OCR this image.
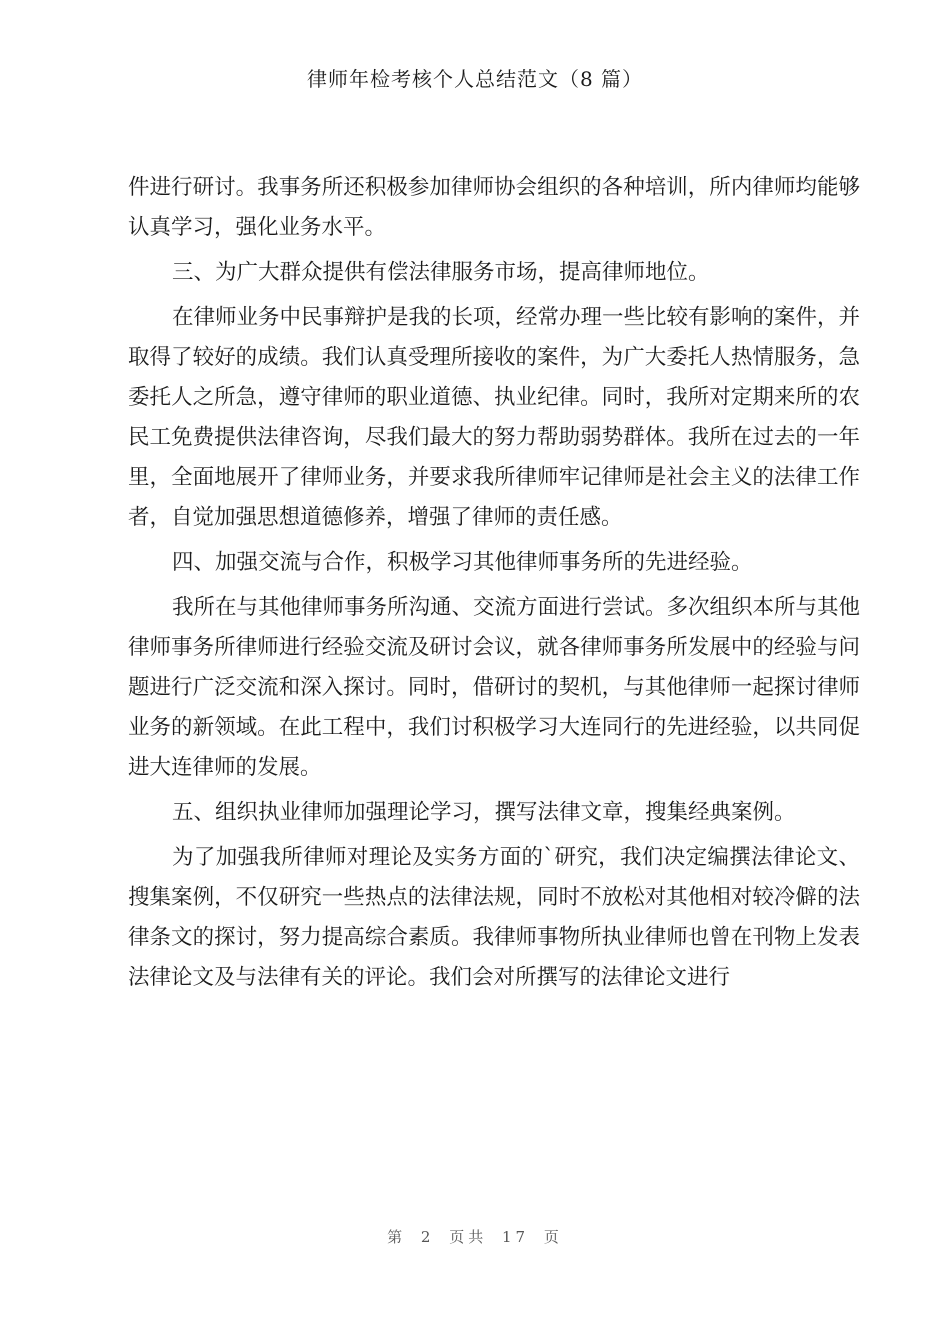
律师年检考核个人总结范文（8 篇）

件进行研讨。我事务所还积极参加律师协会组织的各种培训，所内律师均能够认真学习，强化业务水平。

三、为广大群众提供有偿法律服务市场，提高律师地位。

在律师业务中民事辩护是我的长项，经常办理一些比较有影响的案件，并取得了较好的成绩。我们认真受理所接收的案件，为广大委托人热情服务，急委托人之所急，遵守律师的职业道德、执业纪律。同时，我所对定期来所的农民工免费提供法律咨询，尽我们最大的努力帮助弱势群体。我所在过去的一年里，全面地展开了律师业务，并要求我所律师牢记律师是社会主义的法律工作者，自觉加强思想道德修养，增强了律师的责任感。

四、加强交流与合作，积极学习其他律师事务所的先进经验。

我所在与其他律师事务所沟通、交流方面进行尝试。多次组织本所与其他律师事务所律师进行经验交流及研讨会议，就各律师事务所发展中的经验与问题进行广泛交流和深入探讨。同时，借研讨的契机，与其他律师一起探讨律师业务的新领域。在此工程中，我们讨积极学习大连同行的先进经验，以共同促进大连律师的发展。

五、组织执业律师加强理论学习，撰写法律文章，搜集经典案例。

为了加强我所律师对理论及实务方面的`研究，我们决定编撰法律论文、搜集案例，不仅研究一些热点的法律法规，同时不放松对其他相对较冷僻的法律条文的探讨，努力提高综合素质。我律师事物所执业律师也曾在刊物上发表法律论文及与法律有关的评论。我们会对所撰写的法律论文进行

第 2 页共 17 页
